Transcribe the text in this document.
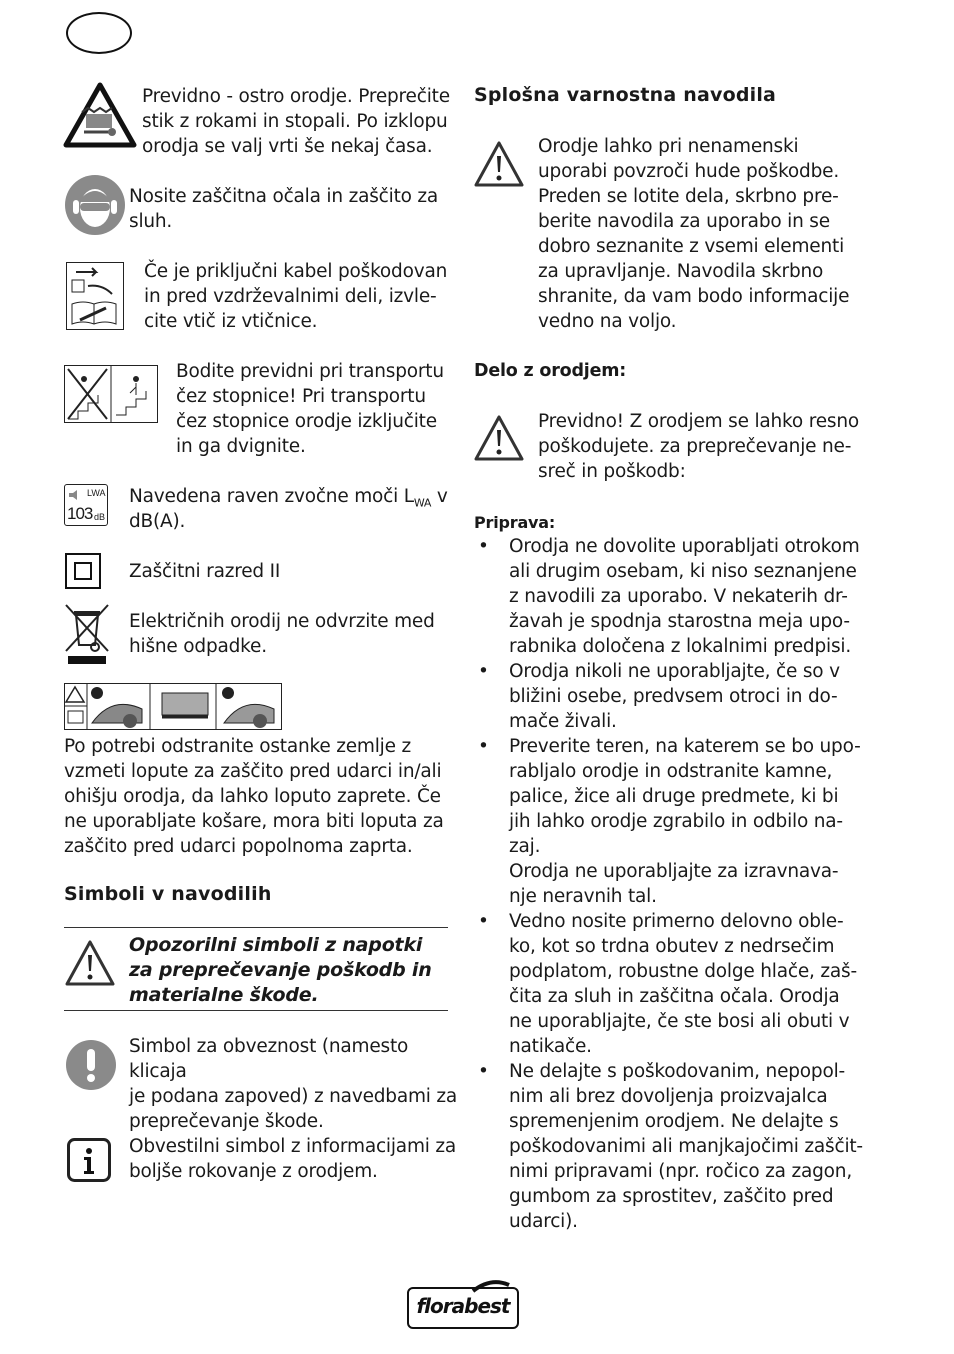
Previdno - ostro orodje. Preprečite
stik z rokami in stopali. Po izklopu
orodja se valj vrti še nekaj časa.
Nosite zaščitna očala in zaščito za
sluh.
Če je priključni kabel poškodovan
in pred vzdrževalnimi deli, izvle-
cite vtič iz vtičnice.
Bodite previdni pri transportu
čez stopnice! Pri transportu
čez stopnice orodje izklјučite
in ga dvignite.
LWA
103 dB
Navedena raven zvočne moči $L_{WA}$ v
dB(A).
Zaščitni razred II
Električnih orodij ne odvrzite med
hišne odpadke.
Po potrebi odstranite ostanke zemlje z
vzmeti lopute za zaščito pred udarci in/ali
ohišju orodja, da lahko loputo zaprete. Če
ne uporabljate košare, mora biti loputa za
zaščito pred udarci popolnoma zaprta.
Simboli v navodilih
Opozorilni simboli z napotki
za preprečevanje poškodb in
materialne škode.
Simbol za obveznost (namesto klicaja
je podana zapoved) z navedbami za
preprečevanje škode.
Obvestilni simbol z informacijami za
boljše rokovanje z orodjem.
Splošna varnostna navodila
Orodje lahko pri nenamenski
uporabi povzroči hude poškodbe.
Preden se lotite dela, skrbno pre-
berite navodila za uporabo in se
dobro seznanite z vsemi elementi
za upravljanje. Navodila skrbno
shranite, da vam bodo informacije
vedno na voljo.
Delo z orodjem:
Previdno! Z orodjem se lahko resno
poškodujete. za preprečevanje ne-
sreč in poškodb:
Priprava:
• Orodja ne dovolite uporabljati otrokom
ali drugim osebam, ki niso seznanjene
z navodili za uporabo. V nekaterih dr-
žavah je spodnja starostna meja upo-
rabnika določena z lokalnimi predpisi.
• Orodja nikoli ne uporabljajte, če so v
bližini osebe, predvsem otroci in do-
mače živali.
• Preverite teren, na katerem se bo upo-
rabljalo orodje in odstranite kamne,
palice, žice ali druge predmete, ki bi
jih lahko orodje zgrabilo in odbilo na-
zaj.
Orodja ne uporabljajte za izravnava-
nje neravnih tal.
• Vedno nosite primerno delovno oble-
ko, kot so trdna obutev z nedrsečim
podplatom, robustne dolge hlače, zaš-
čita za sluh in zaščitna očala. Orodja
ne uporabljajte, če ste bosi ali obuti v
natikače.
• Ne delajte s poškodovanim, nepopol-
nim ali brez dovoljenja proizvajalca
spremenjenim orodjem. Ne delajte s
poškodovanimi ali manjkajočimi zaščit-
nimi pripravami (npr. ročico za zagon,
gumbom za sprostitev, zaščito pred
udarci).
florabest
